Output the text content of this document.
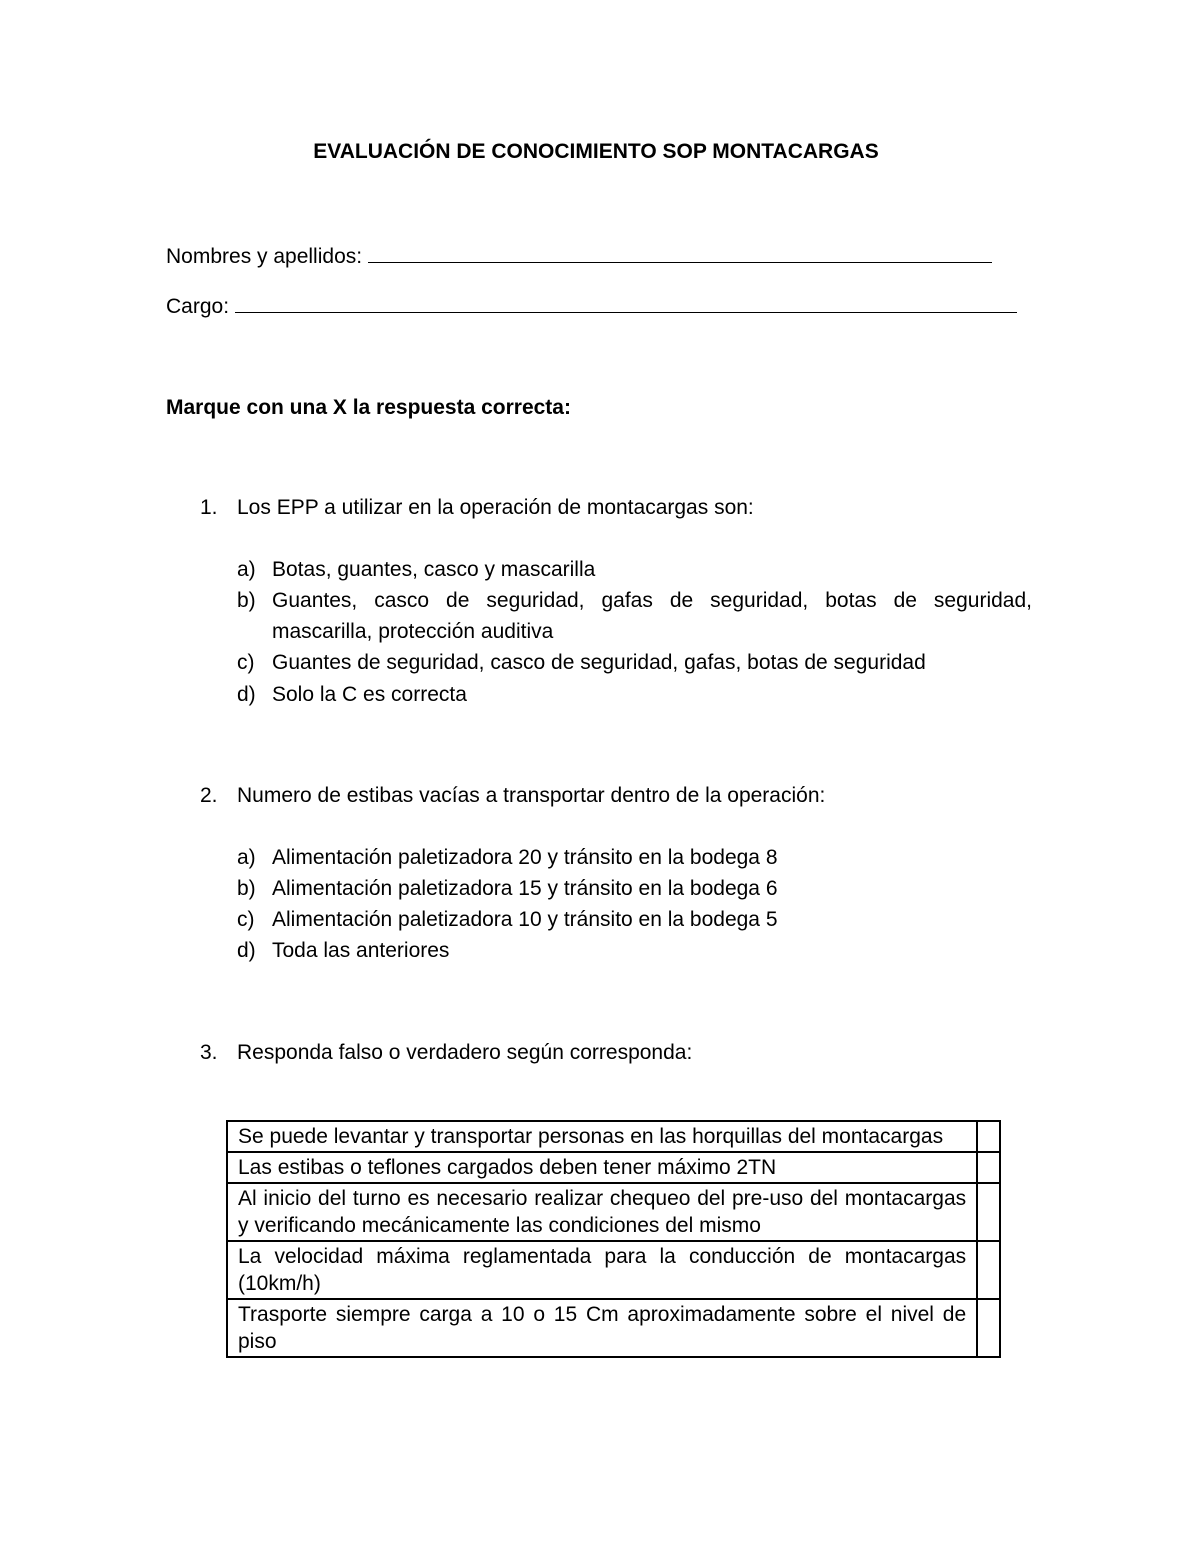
EVALUACIÓN DE CONOCIMIENTO SOP MONTACARGAS
Nombres y apellidos:
Cargo:
Marque con una X la respuesta correcta:
1. Los EPP a utilizar en la operación de montacargas son:
a) Botas, guantes, casco y mascarilla
b) Guantes, casco de seguridad, gafas de seguridad, botas de seguridad, mascarilla, protección auditiva
c) Guantes de seguridad, casco de seguridad, gafas, botas de seguridad
d) Solo la C es correcta
2. Numero de estibas vacías a transportar dentro de la operación:
a) Alimentación paletizadora 20 y tránsito en la bodega 8
b) Alimentación paletizadora 15 y tránsito en la bodega 6
c) Alimentación paletizadora 10 y tránsito en la bodega 5
d) Toda las anteriores
3. Responda falso o verdadero según corresponda:
Se puede levantar y transportar personas en las horquillas del montacargas	
Las estibas o teflones cargados deben tener máximo 2TN	
Al inicio del turno es necesario realizar chequeo del pre-uso del montacargas y verificando mecánicamente las condiciones del mismo	
La velocidad máxima reglamentada para la conducción de montacargas (10km/h)	
Trasporte siempre carga a 10 o 15 Cm aproximadamente sobre el nivel de piso	
